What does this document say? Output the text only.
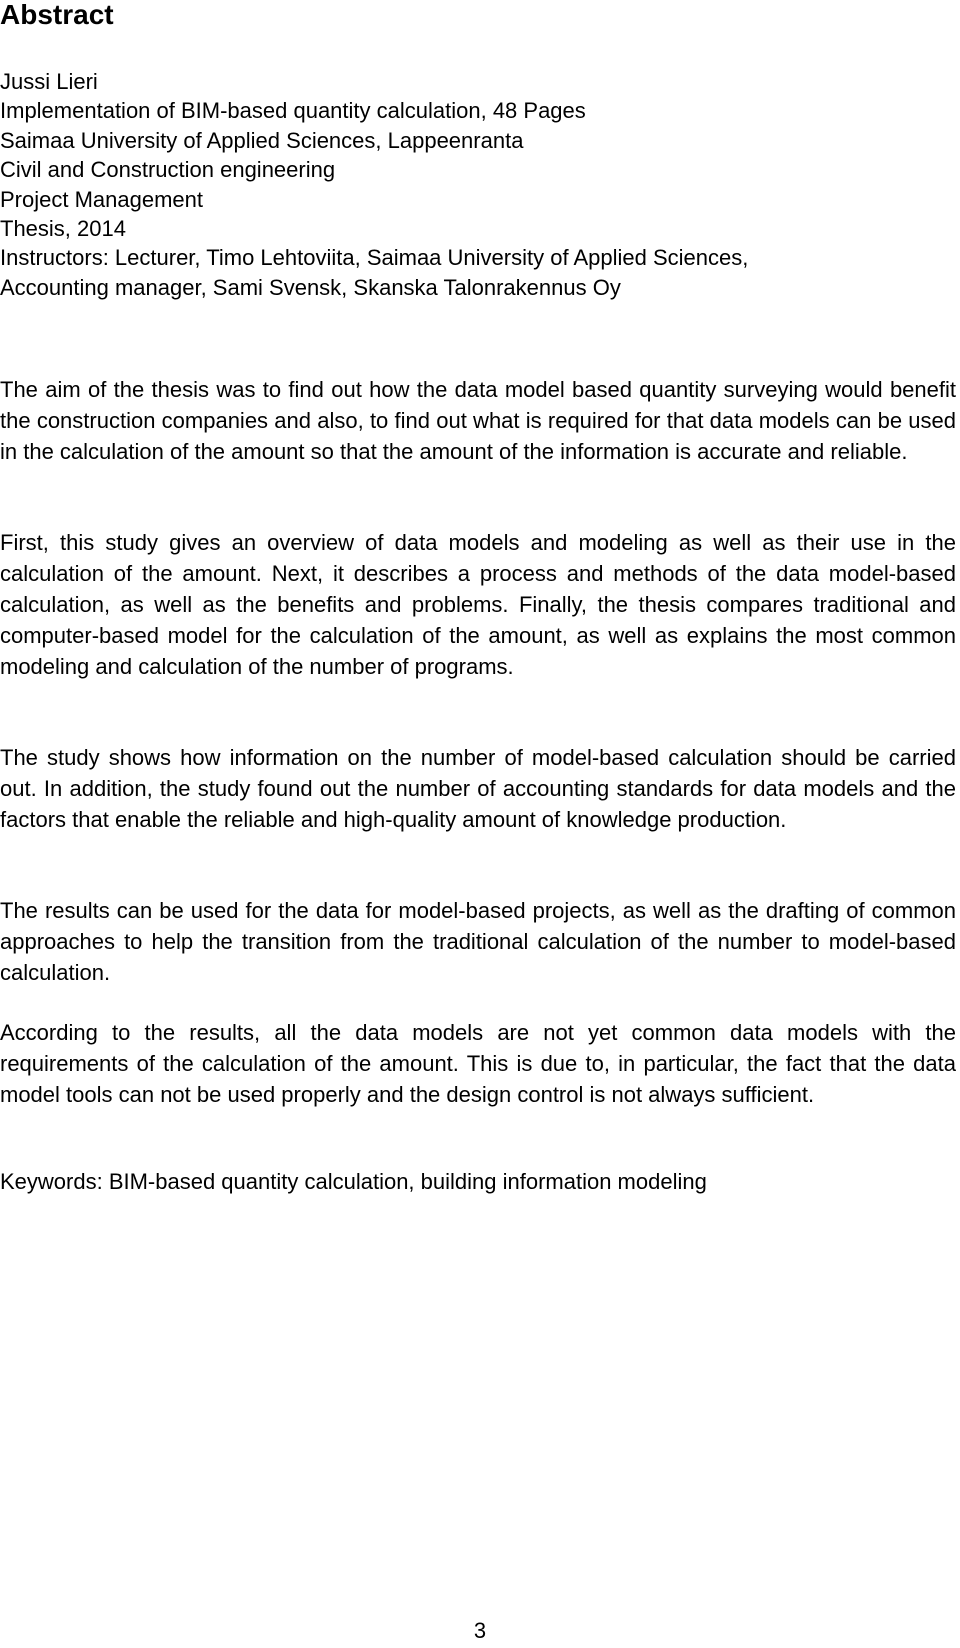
Abstract
Jussi Lieri
Implementation of BIM-based quantity calculation, 48 Pages
Saimaa University of Applied Sciences, Lappeenranta
Civil and Construction engineering
Project Management
Thesis, 2014
Instructors: Lecturer, Timo Lehtoviita, Saimaa University of Applied Sciences,
Accounting manager, Sami Svensk, Skanska Talonrakennus Oy

The aim of the thesis was to find out how the data model based quantity surveying would benefit the construction companies and also, to find out what is required for that data models can be used in the calculation of the amount so that the amount of the information is accurate and reliable.

First, this study gives an overview of data models and modeling as well as their use in the calculation of the amount. Next, it describes a process and methods of the data model-based calculation, as well as the benefits and problems. Finally, the thesis compares traditional and computer-based model for the calculation of the amount, as well as explains the most common modeling and calculation of the number of programs.

The study shows how information on the number of model-based calculation should be carried out. In addition, the study found out the number of accounting standards for data models and the factors that enable the reliable and high-quality amount of knowledge production.

The results can be used for the data for model-based projects, as well as the drafting of common approaches to help the transition from the traditional calculation of the number to model-based calculation.

According to the results, all the data models are not yet common data models with the requirements of the calculation of the amount. This is due to, in particular, the fact that the data model tools can not be used properly and the design control is not always sufficient.

Keywords: BIM-based quantity calculation, building information modeling

3
